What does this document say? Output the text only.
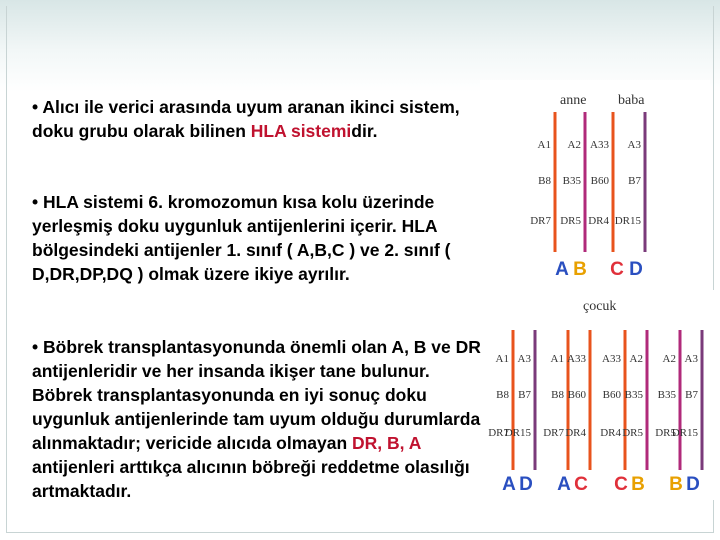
• Alıcı ile verici arasında uyum aranan ikinci sistem, doku grubu olarak bilinen HLA sistemidir.
• HLA sistemi 6. kromozomun kısa kolu üzerinde yerleşmiş doku uygunluk antijenlerini içerir. HLA bölgesindeki antijenler 1. sınıf ( A,B,C ) ve 2. sınıf ( D,DR,DP,DQ ) olmak üzere ikiye ayrılır.
• Böbrek transplantasyonunda önemli olan A, B ve DR antijenleridir ve her insanda ikişer tane bulunur. Böbrek transplantasyonunda en iyi sonuç doku uygunluk antijenlerinde tam uyum olduğu durumlarda alınmaktadır; vericide alıcıda olmayan DR, B, A antijenleri arttıkça alıcının böbreği reddetme olasılığı artmaktadır.
anne baba
A1
B8
DR7
A2
B35
DR5
A33
B60
DR4
A3
B7
DR15
A B C D
çocuk
A1
B8
DR7
A3
B7
DR15
A D
A1
B8
DR7
A33
B60
DR4
A C
A33
B60
DR4
A2
B35
DR5
C B
A2
B35
DR5
A3
B7
DR15
B D
